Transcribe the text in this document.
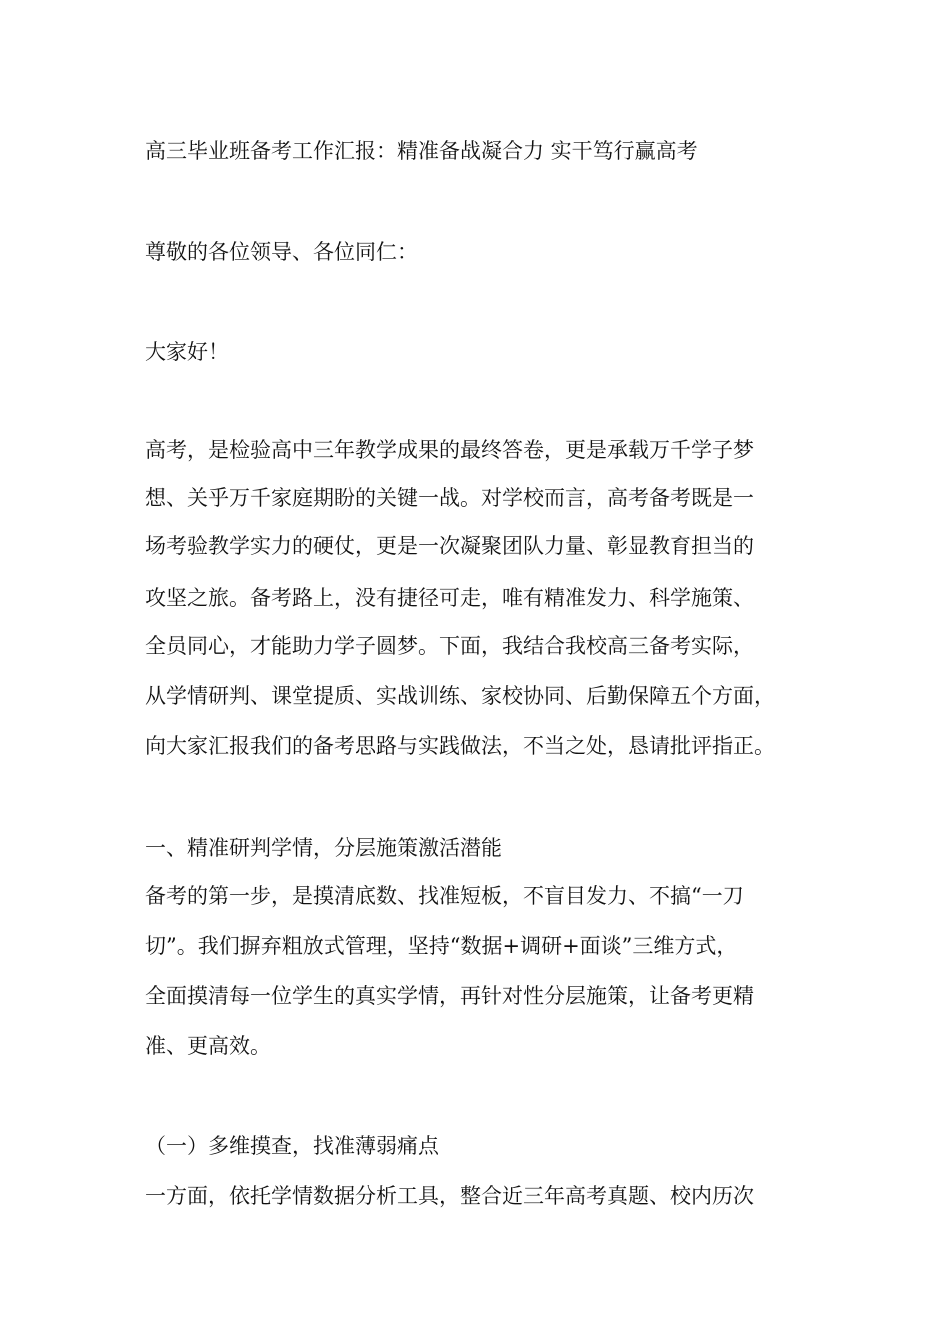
高三毕业班备考工作汇报：精准备战凝合力 实干笃行赢高考
尊敬的各位领导、各位同仁：
大家好！
高考，是检验高中三年教学成果的最终答卷，更是承载万千学子梦
想、关乎万千家庭期盼的关键一战。对学校而言，高考备考既是一
场考验教学实力的硬仗，更是一次凝聚团队力量、彰显教育担当的
攻坚之旅。备考路上，没有捷径可走，唯有精准发力、科学施策、
全员同心，才能助力学子圆梦。下面，我结合我校高三备考实际，
从学情研判、课堂提质、实战训练、家校协同、后勤保障五个方面，
向大家汇报我们的备考思路与实践做法，不当之处，恳请批评指正。
一、精准研判学情，分层施策激活潜能
备考的第一步，是摸清底数、找准短板，不盲目发力、不搞“一刀
切”。我们摒弃粗放式管理，坚持“数据+调研+面谈”三维方式，
全面摸清每一位学生的真实学情，再针对性分层施策，让备考更精
准、更高效。
（一）多维摸查，找准薄弱痛点
一方面，依托学情数据分析工具，整合近三年高考真题、校内历次
